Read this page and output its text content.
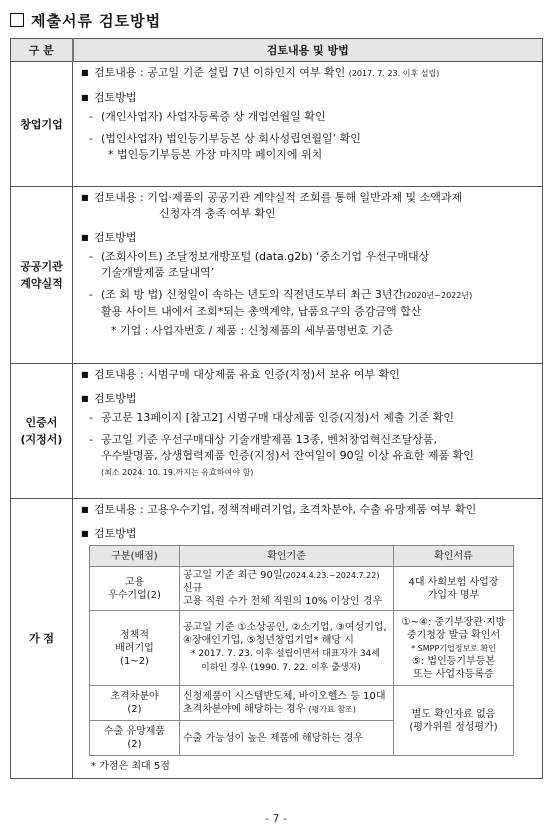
제출서류 검토방법
구 분	검토내용 및 방법
창업기업	
■ 검토내용 : 공고일 기준 설립 7년 이하인지 여부 확인 (2017. 7. 23. 이후 설립)
■ 검토방법
- (개인사업자) 사업자등록증 상 개업연월일 확인
- (법인사업자) 법인등기부등본 상 회사성립연월일’ 확인
* 법인등기부등본 가장 마지막 페이지에 위치

공공기관
계약실적	
■ 검토내용 : 기업·제품의 공공기관 계약실적 조회를 통해 일반과제 및 소액과제
신청자격 충족 여부 확인
■ 검토방법
- (조회사이트) 조달정보개방포털 (data.g2b) ‘중소기업 우선구매대상
기술개발제품 조달내역’
- (조 회 방 법) 신청일이 속하는 년도의 직전년도부터 최근 3년간(2020년~2022년)
활용 사이트 내에서 조회*되는 총액계약, 납품요구의 증감금액 합산
* 기업 : 사업자번호 / 제품 : 신청제품의 세부품명번호 기준

인증서
(지정서)	
■ 검토내용 : 시범구매 대상제품 유효 인증(지정)서 보유 여부 확인
■ 검토방법
- 공고문 13페이지 [참고2] 시범구매 대상제품 인증(지정)서 제출 기준 확인
- 공고일 기준 우선구매대상 기술개발제품 13종, 벤처창업혁신조달상품,
우수발명품, 상생협력제품 인증(지정)서 잔여일이 90일 이상 유효한 제품 확인
(최소 2024. 10. 19.까지는 유효하여야 함)

가 점	
■ 검토내용 : 고용우수기업, 정책적배려기업, 초격차분야, 수출 유망제품 여부 확인
■ 검토방법
구분(배점)	확인기준	확인서류
고용
우수기업(2)	공고일 기준 최근 90일(2024.4.23.~2024.7.22) 신규
고용 직원 수가 전체 직원의 10% 이상인 경우	4대 사회보험 사업장
가입자 명부
정책적
배려기업
(1~2)	공고일 기준 ①소상공인, ②소기업, ③여성기업,
④장애인기업, ⑤청년창업기업* 해당 시
* 2017. 7. 23. 이후 설립이면서 대표자가 34세
이하인 경우 (1990. 7. 22. 이후 출생자)	①~④: 중기부장관·지방
중기청장 발급 확인서
* SMPP기업정보로 확인
⑤: 법인등기부등본
또는 사업자등록증
초격차분야
(2)	신청제품이 시스템반도체, 바이오헬스 등 10대
초격차분야에 해당하는 경우 (평가표 참조)	별도 확인자료 없음
(평가위원 정성평가)
수출 유망제품
(2)	수출 가능성이 높은 제품에 해당하는 경우
* 가점은 최대 5점
- 7 -
